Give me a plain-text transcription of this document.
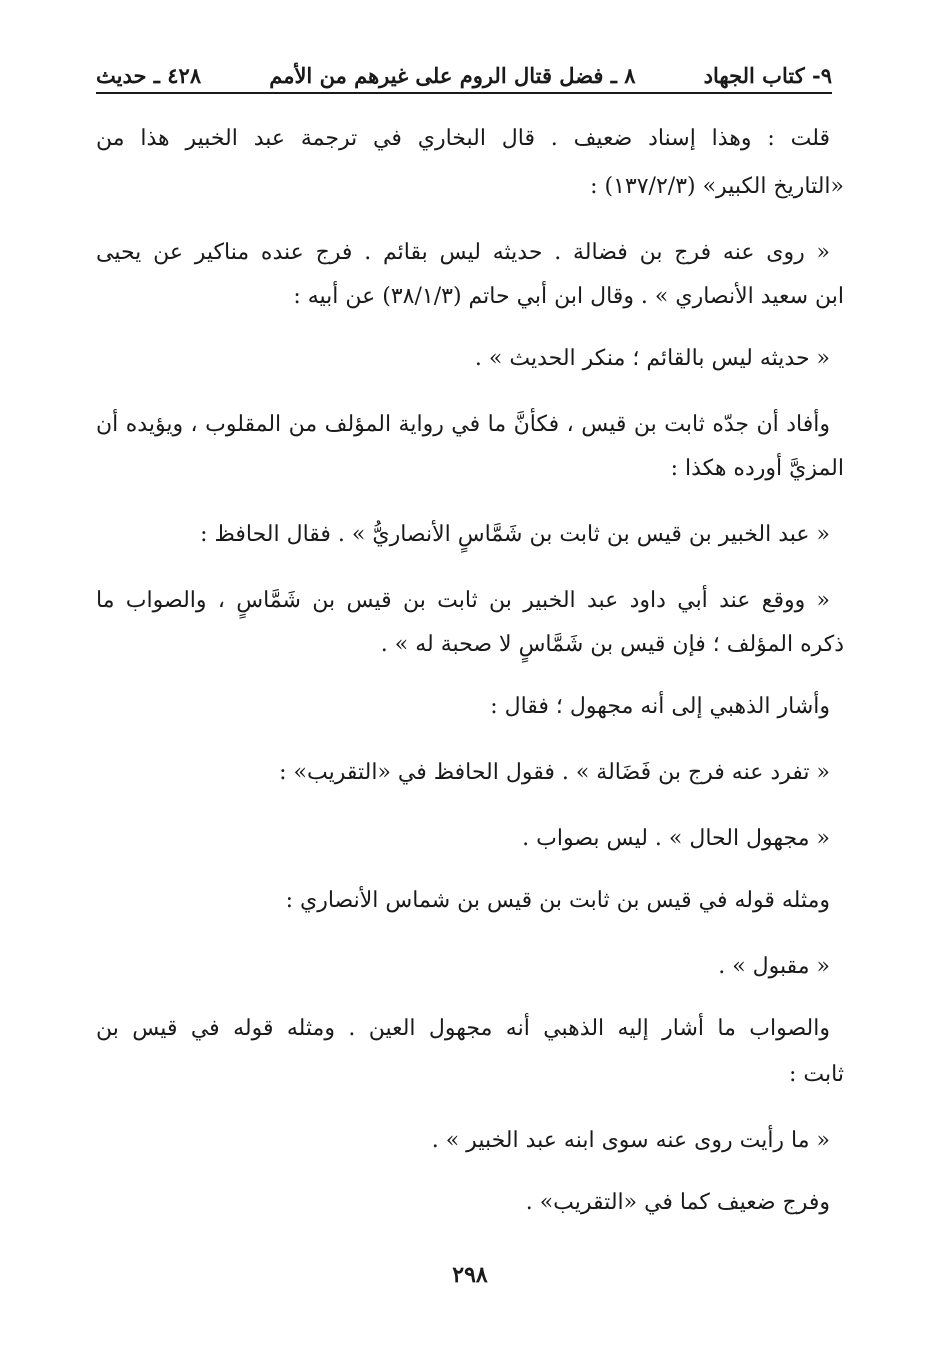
٩- كتاب الجهاد
٨ ـ فضل قتال الروم على غيرهم من الأمم
٤٢٨ ـ حديث
قلت : وهذا إسناد ضعيف . قال البخاري في ترجمة عبد الخبير هذا من
«التاريخ الكبير» (١٣٧/٢/٣) :
« روى عنه فرج بن فضالة . حديثه ليس بقائم . فرج عنده مناكير عن يحيى
ابن سعيد الأنصاري » . وقال ابن أبي حاتم (٣٨/١/٣) عن أبيه :
« حديثه ليس بالقائم ؛ منكر الحديث » .
وأفاد أن جدّه ثابت بن قيس ، فكأنَّ ما في رواية المؤلف من المقلوب ، ويؤيده أن
المزيَّ أورده هكذا :
« عبد الخبير بن قيس بن ثابت بن شَمَّاسٍ الأنصاريُّ » . فقال الحافظ :
« ووقع عند أبي داود عبد الخبير بن ثابت بن قيس بن شَمَّاسٍ ، والصواب ما
ذكره المؤلف ؛ فإن قيس بن شَمَّاسٍ لا صحبة له » .
وأشار الذهبي إلى أنه مجهول ؛ فقال :
« تفرد عنه فرج بن فَضَالة » . فقول الحافظ في «التقريب» :
« مجهول الحال » . ليس بصواب .
ومثله قوله في قيس بن ثابت بن قيس بن شماس الأنصاري :
« مقبول » .
والصواب ما أشار إليه الذهبي أنه مجهول العين . ومثله قوله في قيس بن
ثابت :
« ما رأيت روى عنه سوى ابنه عبد الخبير » .
وفرج ضعيف كما في «التقريب» .
٢٩٨
